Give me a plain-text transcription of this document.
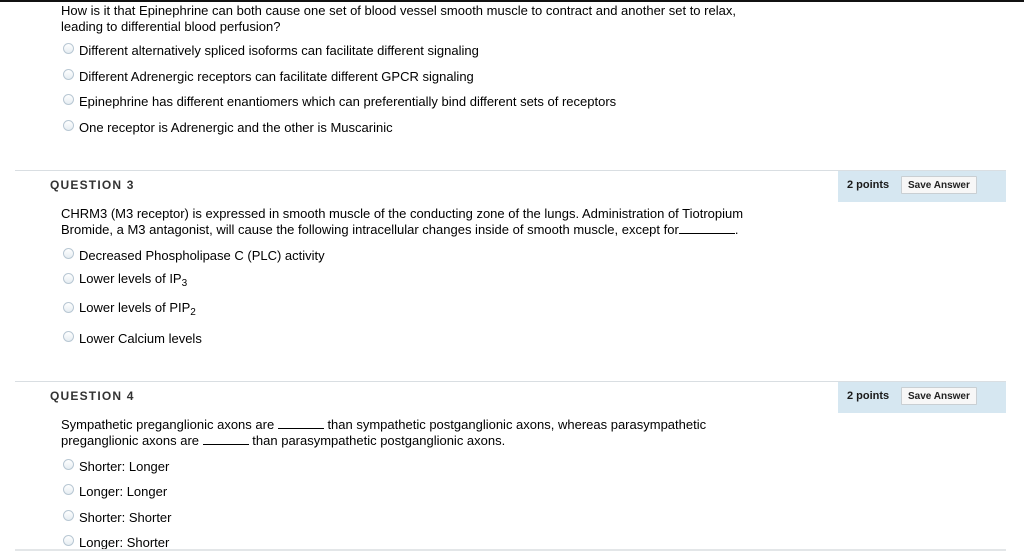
How is it that Epinephrine can both cause one set of blood vessel smooth muscle to contract and another set to relax,
leading to differential blood perfusion?
Different alternatively spliced isoforms can facilitate different signaling
Different Adrenergic receptors can facilitate different GPCR signaling
Epinephrine has different enantiomers which can preferentially bind different sets of receptors
One receptor is Adrenergic and the other is Muscarinic
QUESTION 3	2 points	Save Answer
CHRM3 (M3 receptor) is expressed in smooth muscle of the conducting zone of the lungs. Administration of Tiotropium
Bromide, a M3 antagonist, will cause the following intracellular changes inside of smooth muscle, except for	.
Decreased Phospholipase C (PLC) activity
Lower levels of $IP_3$
Lower levels of $PIP_2$
Lower Calcium levels
QUESTION 4	2 points	Save Answer
Sympathetic preganglionic axons are	than sympathetic postganglionic axons, whereas parasympathetic
preganglionic axons are	than parasympathetic postganglionic axons.
Shorter: Longer
Longer: Longer
Shorter: Shorter
Longer: Shorter
